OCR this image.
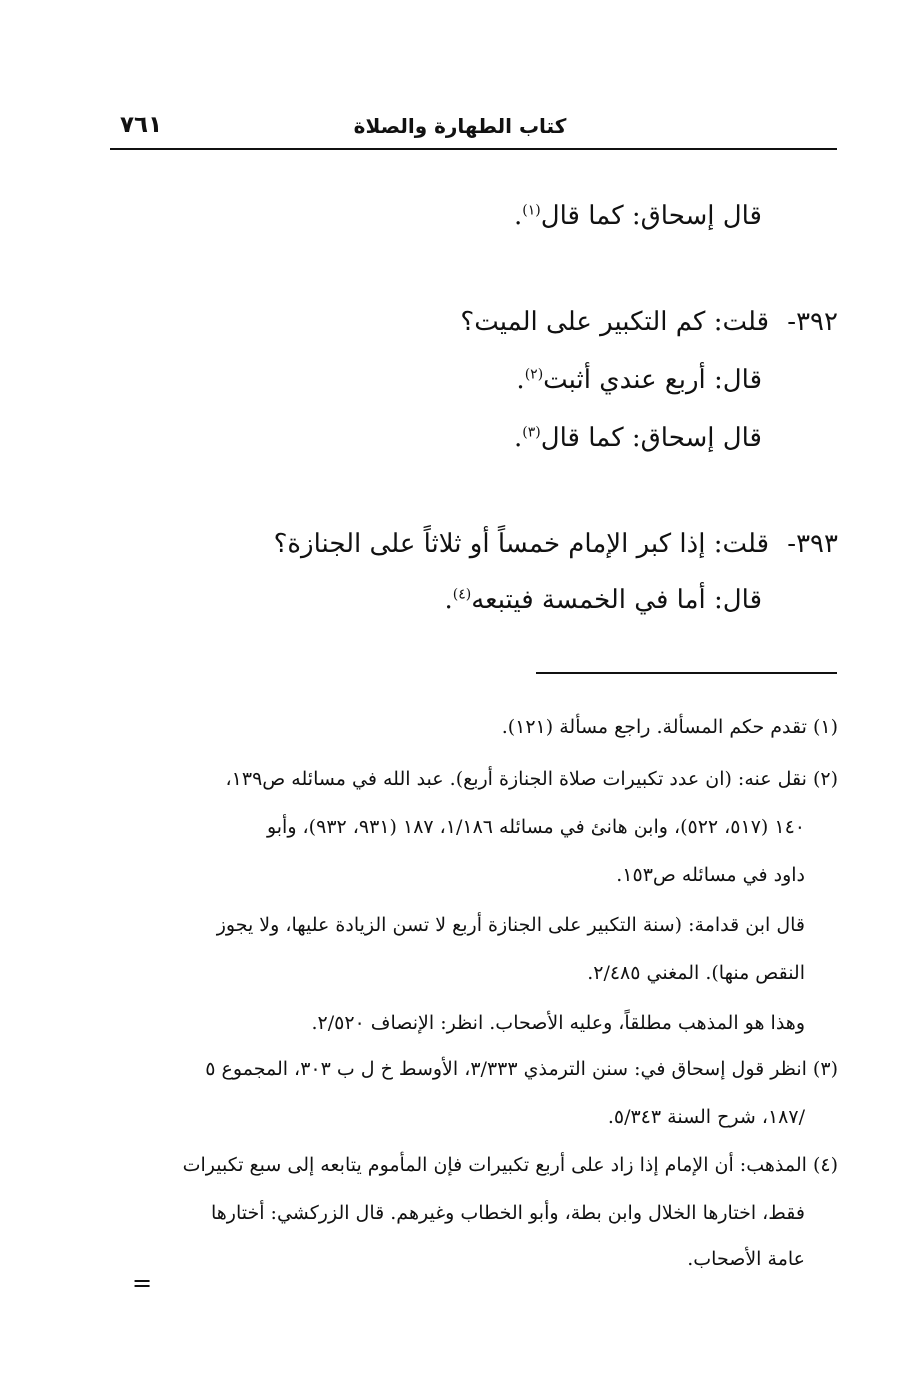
كتاب الطهارة والصلاة
٧٦١
قال إسحاق: كما قال$^{(١)}$.
٣٩٢- قلت: كم التكبير على الميت؟
قال: أربع عندي أثبت$^{(٢)}$.
قال إسحاق: كما قال$^{(٣)}$.
٣٩٣- قلت: إذا كبر الإمام خمساً أو ثلاثاً على الجنازة؟
قال: أما في الخمسة فيتبعه$^{(٤)}$.
(١) تقدم حكم المسألة. راجع مسألة (١٢١).
(٢) نقل عنه: (ان عدد تكبيرات صلاة الجنازة أربع). عبد الله في مسائله ص١٣٩،
١٤٠ (٥١٧، ٥٢٢)، وابن هانئ في مسائله ١/١٨٦، ١٨٧ (٩٣١، ٩٣٢)، وأبو
داود في مسائله ص١٥٣.
قال ابن قدامة: (سنة التكبير على الجنازة أربع لا تسن الزيادة عليها، ولا يجوز
النقص منها). المغني ٢/٤٨٥.
وهذا هو المذهب مطلقاً، وعليه الأصحاب. انظر: الإنصاف ٢/٥٢٠.
(٣) انظر قول إسحاق في: سنن الترمذي ٣/٣٣٣، الأوسط خ ل ب ٣٠٣، المجموع ٥
/١٨٧، شرح السنة ٥/٣٤٣.
(٤) المذهب: أن الإمام إذا زاد على أربع تكبيرات فإن المأموم يتابعه إلى سبع تكبيرات
فقط، اختارها الخلال وابن بطة، وأبو الخطاب وغيرهم. قال الزركشي: أختارها
عامة الأصحاب.
=
